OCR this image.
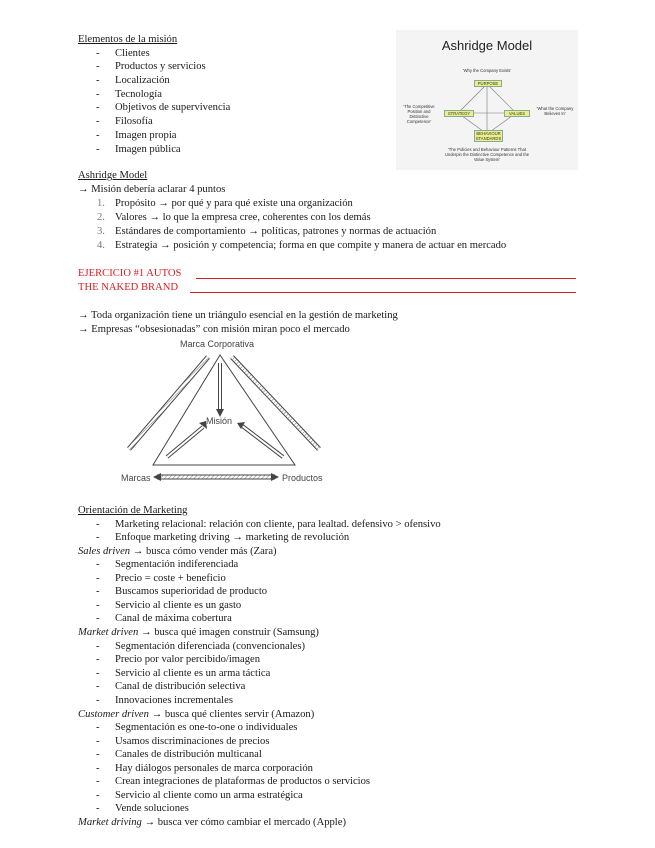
Elementos de la misión
- Clientes
- Productos y servicios
- Localización
- Tecnología
- Objetivos de supervivencia
- Filosofía
- Imagen propia
- Imagen pública
Ashridge Model
'Why the Company Exists'
PURPOSE
STRATEGY	VALUES
BEHAVIOUR STANDARDS
'The Competitive Position and Distinctive Competence'
'What the Company Believes In'
'The Policies and Behaviour Patterns That Underpin the Distinctive Competence and the Value System'
Ashridge Model
→ Misión debería aclarar 4 puntos
1. Propósito → por qué y para qué existe una organización
2. Valores → lo que la empresa cree, coherentes con los demás
3. Estándares de comportamiento → políticas, patrones y normas de actuación
4. Estrategia → posición y competencia; forma en que compite y manera de actuar en mercado
EJERCICIO #1 AUTOS
THE NAKED BRAND
→ Toda organización tiene un triángulo esencial en la gestión de marketing
→ Empresas “obsesionadas” con misión miran poco el mercado
Marca Corporativa
Misión
Marcas	Productos
Orientación de Marketing
- Marketing relacional: relación con cliente, para lealtad. defensivo > ofensivo
- Enfoque marketing driving → marketing de revolución
Sales driven → busca cómo vender más (Zara)
- Segmentación indiferenciada
- Precio = coste + beneficio
- Buscamos superioridad de producto
- Servicio al cliente es un gasto
- Canal de máxima cobertura
Market driven → busca qué imagen construir (Samsung)
- Segmentación diferenciada (convencionales)
- Precio por valor percibido/imagen
- Servicio al cliente es un arma táctica
- Canal de distribución selectiva
- Innovaciones incrementales
Customer driven → busca qué clientes servir (Amazon)
- Segmentación es one-to-one o individuales
- Usamos discriminaciones de precios
- Canales de distribución multicanal
- Hay diálogos personales de marca corporación
- Crean integraciones de plataformas de productos o servicios
- Servicio al cliente como un arma estratégica
- Vende soluciones
Market driving → busca ver cómo cambiar el mercado (Apple)
